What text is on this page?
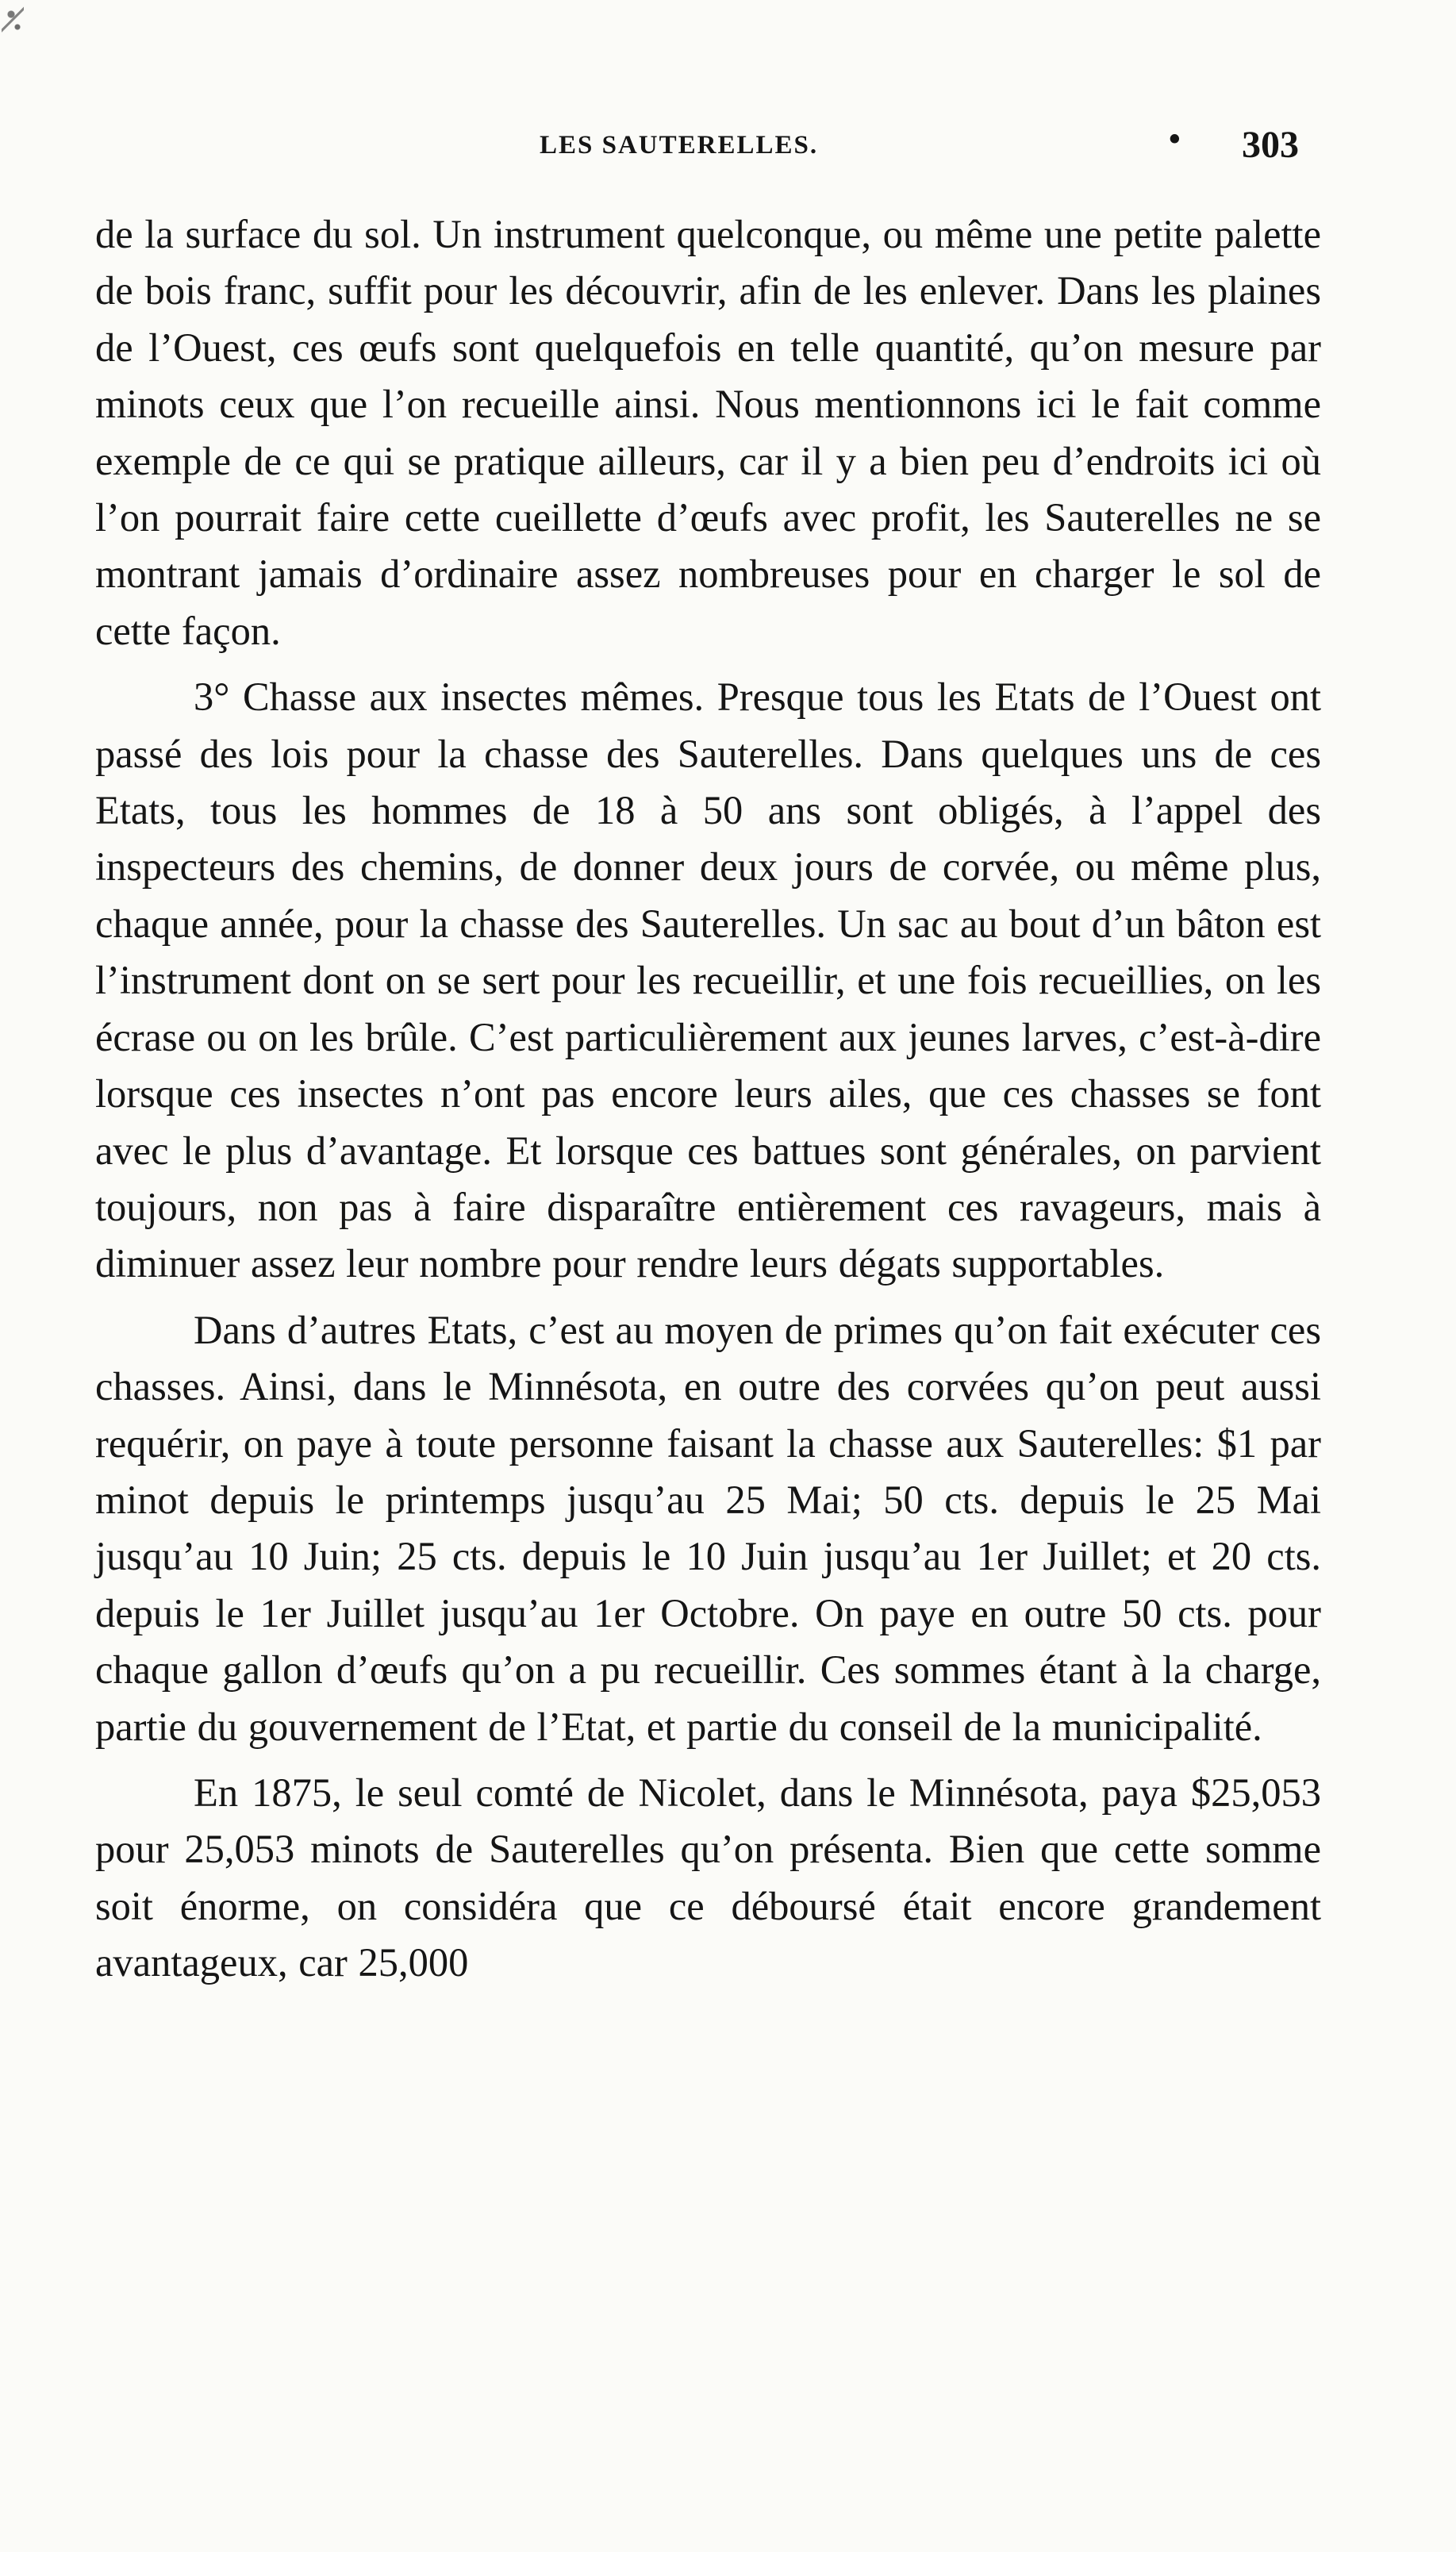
LES SAUTERELLES.	• 303

de la surface du sol. Un instrument quelconque, ou même une petite palette de bois franc, suffit pour les découvrir, afin de les enlever. Dans les plaines de l’Ouest, ces œufs sont quelquefois en telle quantité, qu’on mesure par minots ceux que l’on recueille ainsi. Nous mentionnons ici le fait comme exemple de ce qui se pratique ailleurs, car il y a bien peu d’endroits ici où l’on pourrait faire cette cueillette d’œufs avec profit, les Sauterelles ne se montrant jamais d’ordinaire assez nombreuses pour en charger le sol de cette façon.

3° Chasse aux insectes mêmes. Presque tous les Etats de l’Ouest ont passé des lois pour la chasse des Sauterelles. Dans quelques uns de ces Etats, tous les hommes de 18 à 50 ans sont obligés, à l’appel des inspecteurs des chemins, de donner deux jours de corvée, ou même plus, chaque année, pour la chasse des Sauterelles. Un sac au bout d’un bâton est l’instrument dont on se sert pour les recueillir, et une fois recueillies, on les écrase ou on les brûle. C’est particulièrement aux jeunes larves, c’est-à-dire lorsque ces insectes n’ont pas encore leurs ailes, que ces chasses se font avec le plus d’avantage. Et lorsque ces battues sont générales, on parvient toujours, non pas à faire disparaître entièrement ces ravageurs, mais à diminuer assez leur nombre pour rendre leurs dégats supportables.

Dans d’autres Etats, c’est au moyen de primes qu’on fait exécuter ces chasses. Ainsi, dans le Minnésota, en outre des corvées qu’on peut aussi requérir, on paye à toute personne faisant la chasse aux Sauterelles: $1 par minot depuis le printemps jusqu’au 25 Mai; 50 cts. depuis le 25 Mai jusqu’au 10 Juin; 25 cts. depuis le 10 Juin jusqu’au 1er Juillet; et 20 cts. depuis le 1er Juillet jusqu’au 1er Octobre. On paye en outre 50 cts. pour chaque gallon d’œufs qu’on a pu recueillir. Ces sommes étant à la charge, partie du gouvernement de l’Etat, et partie du conseil de la municipalité.

En 1875, le seul comté de Nicolet, dans le Minnésota, paya $25,053 pour 25,053 minots de Sauterelles qu’on présenta. Bien que cette somme soit énorme, on considéra que ce déboursé était encore grandement avantageux, car 25,000
